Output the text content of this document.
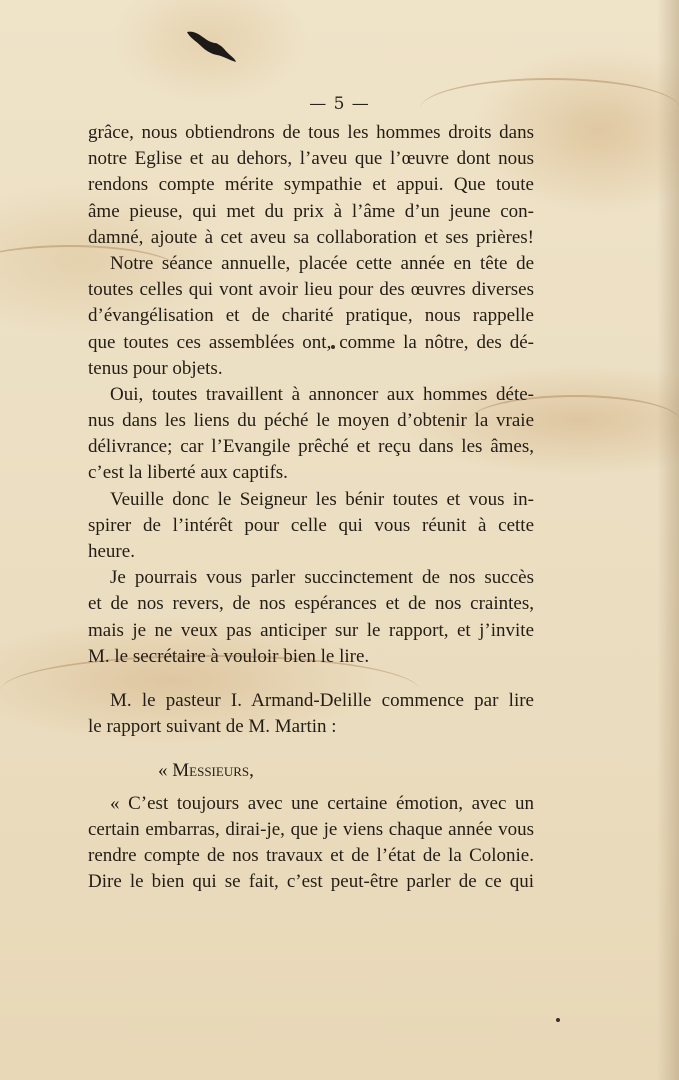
— 5 —
grâce, nous obtiendrons de tous les hommes droits dans
notre Eglise et au dehors, l’aveu que l’œuvre dont nous
rendons compte mérite sympathie et appui. Que toute
âme pieuse, qui met du prix à l’âme d’un jeune con-
damné, ajoute à cet aveu sa collaboration et ses prières!
Notre séance annuelle, placée cette année en tête de
toutes celles qui vont avoir lieu pour des œuvres diverses
d’évangélisation et de charité pratique, nous rappelle
que toutes ces assemblées ont, comme la nôtre, des dé-
tenus pour objets.
Oui, toutes travaillent à annoncer aux hommes déte-
nus dans les liens du péché le moyen d’obtenir la vraie
délivrance; car l’Evangile prêché et reçu dans les âmes,
c’est la liberté aux captifs.
Veuille donc le Seigneur les bénir toutes et vous in-
spirer de l’intérêt pour celle qui vous réunit à cette
heure.
Je pourrais vous parler succinctement de nos succès
et de nos revers, de nos espérances et de nos craintes,
mais je ne veux pas anticiper sur le rapport, et j’invite
M. le secrétaire à vouloir bien le lire.
M. le pasteur I. Armand-Delille commence par lire
le rapport suivant de M. Martin :
« Messieurs,
« C’est toujours avec une certaine émotion, avec un
certain embarras, dirai-je, que je viens chaque année vous
rendre compte de nos travaux et de l’état de la Colonie.
Dire le bien qui se fait, c’est peut-être parler de ce qui
